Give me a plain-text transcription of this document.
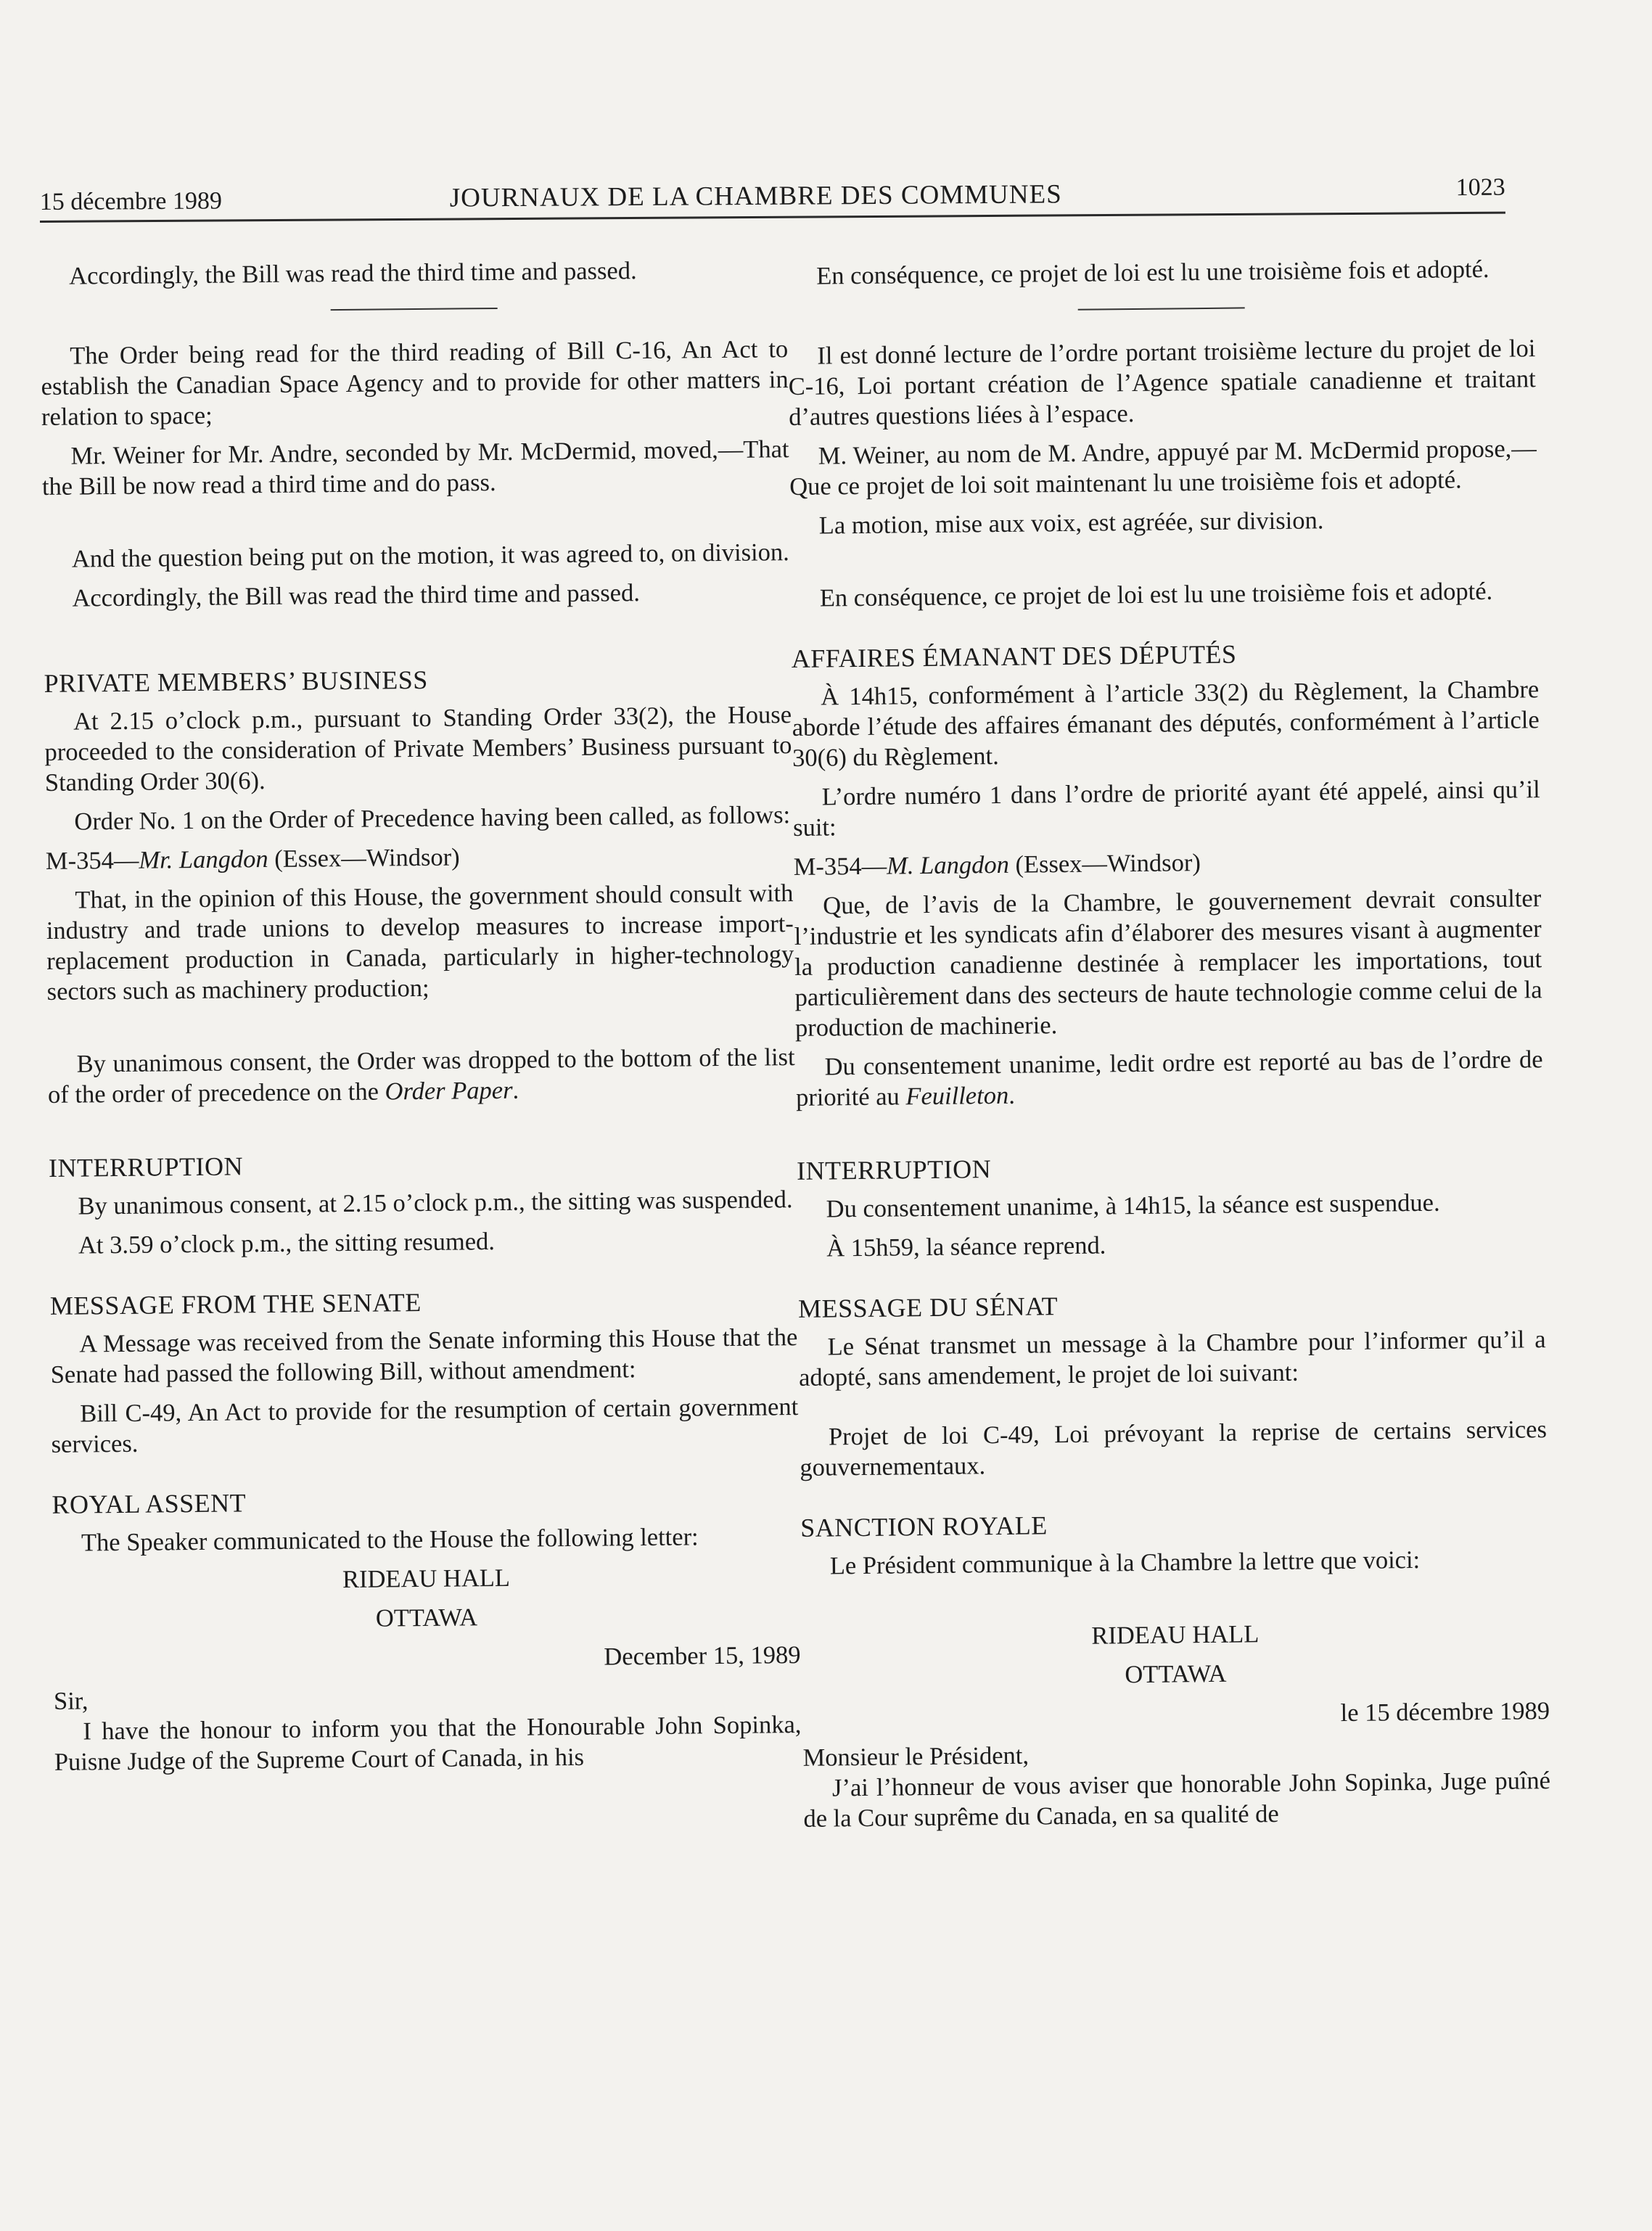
15 décembre 1989	JOURNAUX DE LA CHAMBRE DES COMMUNES	1023

Accordingly, the Bill was read the third time and passed.

The Order being read for the third reading of Bill C-16, An Act to establish the Canadian Space Agency and to provide for other matters in relation to space;

Mr. Weiner for Mr. Andre, seconded by Mr. McDermid, moved,—That the Bill be now read a third time and do pass.

And the question being put on the motion, it was agreed to, on division.

Accordingly, the Bill was read the third time and passed.

PRIVATE MEMBERS’ BUSINESS

At 2.15 o’clock p.m., pursuant to Standing Order 33(2), the House proceeded to the consideration of Private Members’ Business pursuant to Standing Order 30(6).

Order No. 1 on the Order of Precedence having been called, as follows:

M-354—Mr. Langdon (Essex—Windsor)

That, in the opinion of this House, the government should consult with industry and trade unions to develop measures to increase import-replacement production in Canada, particularly in higher-technology sectors such as machinery production;

By unanimous consent, the Order was dropped to the bottom of the list of the order of precedence on the Order Paper.

INTERRUPTION

By unanimous consent, at 2.15 o’clock p.m., the sitting was suspended.

At 3.59 o’clock p.m., the sitting resumed.

MESSAGE FROM THE SENATE

A Message was received from the Senate informing this House that the Senate had passed the following Bill, without amendment:

Bill C-49, An Act to provide for the resumption of certain government services.

ROYAL ASSENT

The Speaker communicated to the House the following letter:

RIDEAU HALL

OTTAWA

December 15, 1989

Sir,

I have the honour to inform you that the Honourable John Sopinka, Puisne Judge of the Supreme Court of Canada, in his

En conséquence, ce projet de loi est lu une troisième fois et adopté.

Il est donné lecture de l’ordre portant troisième lecture du projet de loi C-16, Loi portant création de l’Agence spatiale canadienne et traitant d’autres questions liées à l’espace.

M. Weiner, au nom de M. Andre, appuyé par M. McDermid propose,—Que ce projet de loi soit maintenant lu une troisième fois et adopté.

La motion, mise aux voix, est agréée, sur division.

En conséquence, ce projet de loi est lu une troisième fois et adopté.

AFFAIRES ÉMANANT DES DÉPUTÉS

À 14h15, conformément à l’article 33(2) du Règlement, la Chambre aborde l’étude des affaires émanant des députés, conformément à l’article 30(6) du Règlement.

L’ordre numéro 1 dans l’ordre de priorité ayant été appelé, ainsi qu’il suit:

M-354—M. Langdon (Essex—Windsor)

Que, de l’avis de la Chambre, le gouvernement devrait consulter l’industrie et les syndicats afin d’élaborer des mesures visant à augmenter la production canadienne destinée à remplacer les importations, tout particulièrement dans des secteurs de haute technologie comme celui de la production de machinerie.

Du consentement unanime, ledit ordre est reporté au bas de l’ordre de priorité au Feuilleton.

INTERRUPTION

Du consentement unanime, à 14h15, la séance est suspendue.

À 15h59, la séance reprend.

MESSAGE DU SÉNAT

Le Sénat transmet un message à la Chambre pour l’informer qu’il a adopté, sans amendement, le projet de loi suivant:

Projet de loi C-49, Loi prévoyant la reprise de certains services gouvernementaux.

SANCTION ROYALE

Le Président communique à la Chambre la lettre que voici:

RIDEAU HALL

OTTAWA

le 15 décembre 1989

Monsieur le Président,

J’ai l’honneur de vous aviser que honorable John Sopinka, Juge puîné de la Cour suprême du Canada, en sa qualité de
